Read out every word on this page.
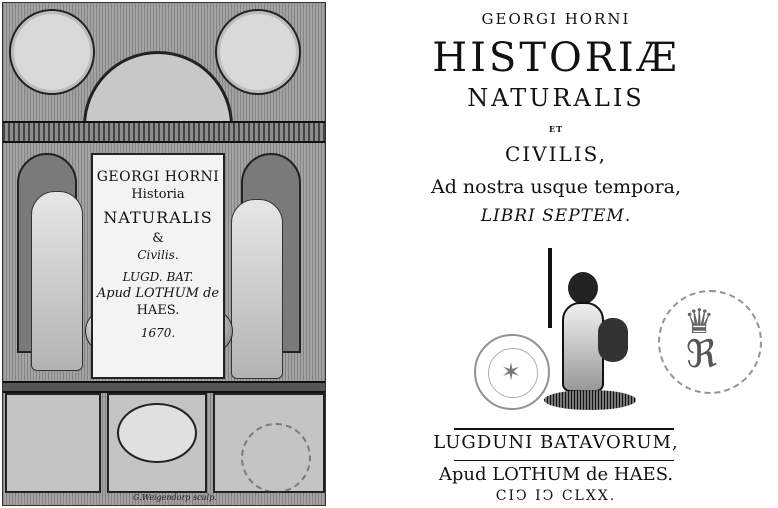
GEORGI HORNI
Historia
NATURALIS
&
Civilis.
LUGD. BAT.
Apud LOTHUM de
HAES.
1670.
G.Weigendorp sculp.
GEORGI HORNI
HISTORIÆ
NATURALIS
ET
CIVILIS,
Ad nostra usque tempora,
LIBRI SEPTEM.
✶
♛
ℜ
LUGDUNI BATAVORUM,
Apud LOTHUM de HAES.
CIↃ IↃ CLXX.
